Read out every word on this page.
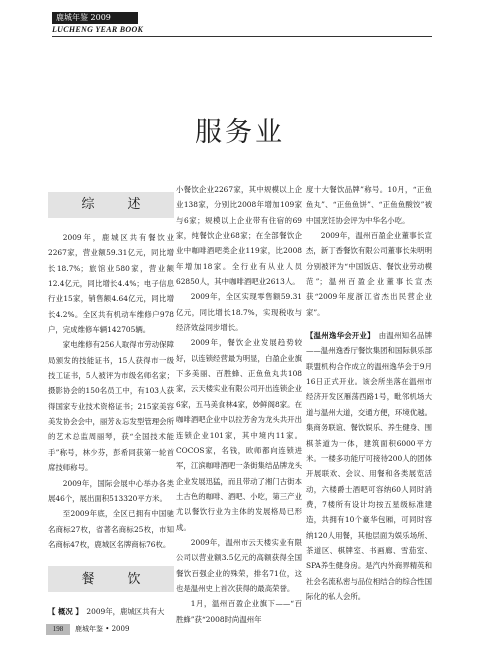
鹿城年鉴 2009
LUCHENG YEAR BOOK
服务业
综　述

2009年，鹿城区共有餐饮业2267家，营业额59.31亿元，同比增长18.7%；旅馆业580家，营业额12.4亿元，同比增长4.4%；电子信息行业15家，销售额4.64亿元，同比增长4.2%。全区共有机动车维修户978户，完成维修车辆142705辆。

家电维修有256人取得市劳动保障局颁发的技能证书，15人获得市一级技工证书，5人被评为市级名师名家；摄影协会的150名员工中，有103人获得国家专业技术资格证书；215家美容美发协会会中，丽芳＆忘发型管理会所的艺术总监周丽琴，获“全国技术能手”称号，林少芬，彭希同获第一轮首席技师称号。

2009年，国际会展中心举办各类展46个，展出面积513320平方米。

至2009年底，全区已拥有中国驰名商标27枚，省著名商标25枚，市知名商标47枚，鹿城区名牌商标76枚。

餐　饮

【 概况 】　 2009年，鹿城区共有大

小餐饮企业2267家，其中规模以上企业138家，分别比2008年增加109家与6家；规模以上企业带有住宿的69家，纯餐饮企业68家；在全部餐饮企业中咖啡酒吧类企业119家，比2008年增加18家。全行业有从业人员62850人，其中咖啡酒吧业2613人。

2009年，全区实现零售额59.31亿元，同比增长18.7%，实现税收与经济效益同步增长。

2009年，餐饮企业发展趋势较好，以连锁经营最为明显，白盈企业旗下多美丽、百胜蜂、正鱼鱼丸共108家，云天楼实业有限公司开出连锁企业6家，五马美食林4家，妙鲜阁8家。在咖啡酒吧企业中以拉芳舍为龙头共开出连锁企业101家，其中境内11家。COCOS家，名钱，欧师都向连锁进军，江滨咖啡酒吧一条街集结品牌龙头企业发展迅猛，而且带动了湘门古街本土古色的咖啡、酒吧、小吃，第三产业尤以餐饮行业为主体的发展格局已形成。

2009年，温州市云天楼实业有限公司以营业额3.5亿元的高额获得全国餐饮百强企业的殊荣，排名71位，这也是温州史上首次获得的最高荣誉。

1月，温州百盈企业旗下——“百胜蜂”获“2008时尚温州年

度十大餐饮品牌”称号。10月，“正鱼鱼丸”、“正鱼鱼饼”、“正鱼鱼酸饺”被中国烹饪协会评为中华名小吃。

2009年，温州百盈企业董事长宣杰，新丁香餐饮有限公司董事长朱明明分别被评为“中国饭店、餐饮业劳动模范”；温州百盈企业董事长宣杰获“2009年度浙江省杰出民营企业家”。

【温州逸华会开业】　 由温州知名品牌——温州逸香厅餐饮集团和国际俱乐部联盟机构合作成立的温州逸华会于9月16日正式开业。该会所坐落在温州市经济开发区雁荡西路1号，毗邻机场大道与温州大道，交通方便，环境优越。集商务联谊、餐饮娱乐、养生健身、围棋茶道为一体，建筑面积6000平方米。一楼多功能厅可接待200人的团体开展联欢、会议、用餐和各类展览活动，六楼爵士酒吧可容纳60人同时消费，7楼所有设计均按五星级标准建造，共拥有10个豪华包厢，可同时容纳120人用餐，其他层面为娱乐场所、茶道区、棋牌室、书画廊、雪茄室、SPA养生健身房。是汽内外商界精英和社会名流私密与品位相结合的综合性国际化的私人会所。

198	鹿城年鉴 • 2009
